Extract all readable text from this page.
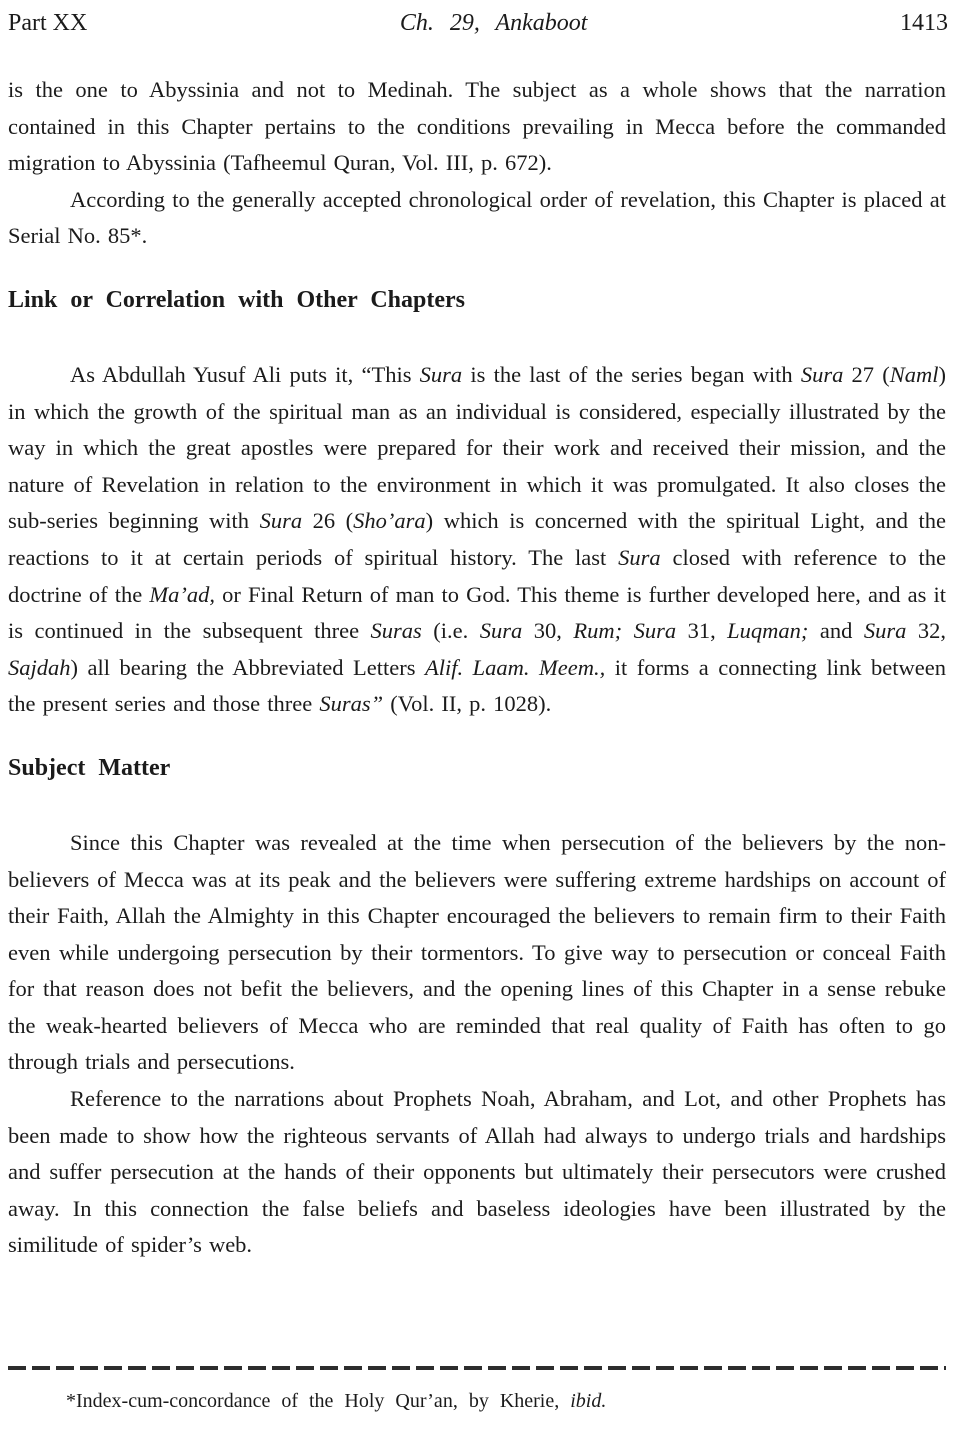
Part XX	Ch. 29, Ankaboot	1413

is the one to Abyssinia and not to Medinah. The subject as a whole shows that the narration contained in this Chapter pertains to the conditions prevailing in Mecca before the commanded migration to Abyssinia (Tafheemul Quran, Vol. III, p. 672).

According to the generally accepted chronological order of revelation, this Chapter is placed at Serial No. 85*.

Link or Correlation with Other Chapters

As Abdullah Yusuf Ali puts it, “This Sura is the last of the series began with Sura 27 (Naml) in which the growth of the spiritual man as an individual is considered, especially illustrated by the way in which the great apostles were prepared for their work and received their mission, and the nature of Revelation in relation to the environment in which it was promulgated. It also closes the sub-series beginning with Sura 26 (Sho’ara) which is concerned with the spiritual Light, and the reactions to it at certain periods of spiritual history. The last Sura closed with reference to the doctrine of the Ma’ad, or Final Return of man to God. This theme is further developed here, and as it is continued in the subsequent three Suras (i.e. Sura 30, Rum; Sura 31, Luqman; and Sura 32, Sajdah) all bearing the Abbreviated Letters Alif. Laam. Meem., it forms a connecting link between the present series and those three Suras” (Vol. II, p. 1028).

Subject Matter

Since this Chapter was revealed at the time when persecution of the believers by the non-believers of Mecca was at its peak and the believers were suffering extreme hardships on account of their Faith, Allah the Almighty in this Chapter encouraged the believers to remain firm to their Faith even while undergoing persecution by their tormentors. To give way to persecution or conceal Faith for that reason does not befit the believers, and the opening lines of this Chapter in a sense rebuke the weak-hearted believers of Mecca who are reminded that real quality of Faith has often to go through trials and persecutions.

Reference to the narrations about Prophets Noah, Abraham, and Lot, and other Prophets has been made to show how the righteous servants of Allah had always to undergo trials and hardships and suffer persecution at the hands of their opponents but ultimately their persecutors were crushed away. In this connection the false beliefs and baseless ideologies have been illustrated by the similitude of spider’s web.

*Index-cum-concordance of the Holy Qur’an, by Kherie, ibid.
